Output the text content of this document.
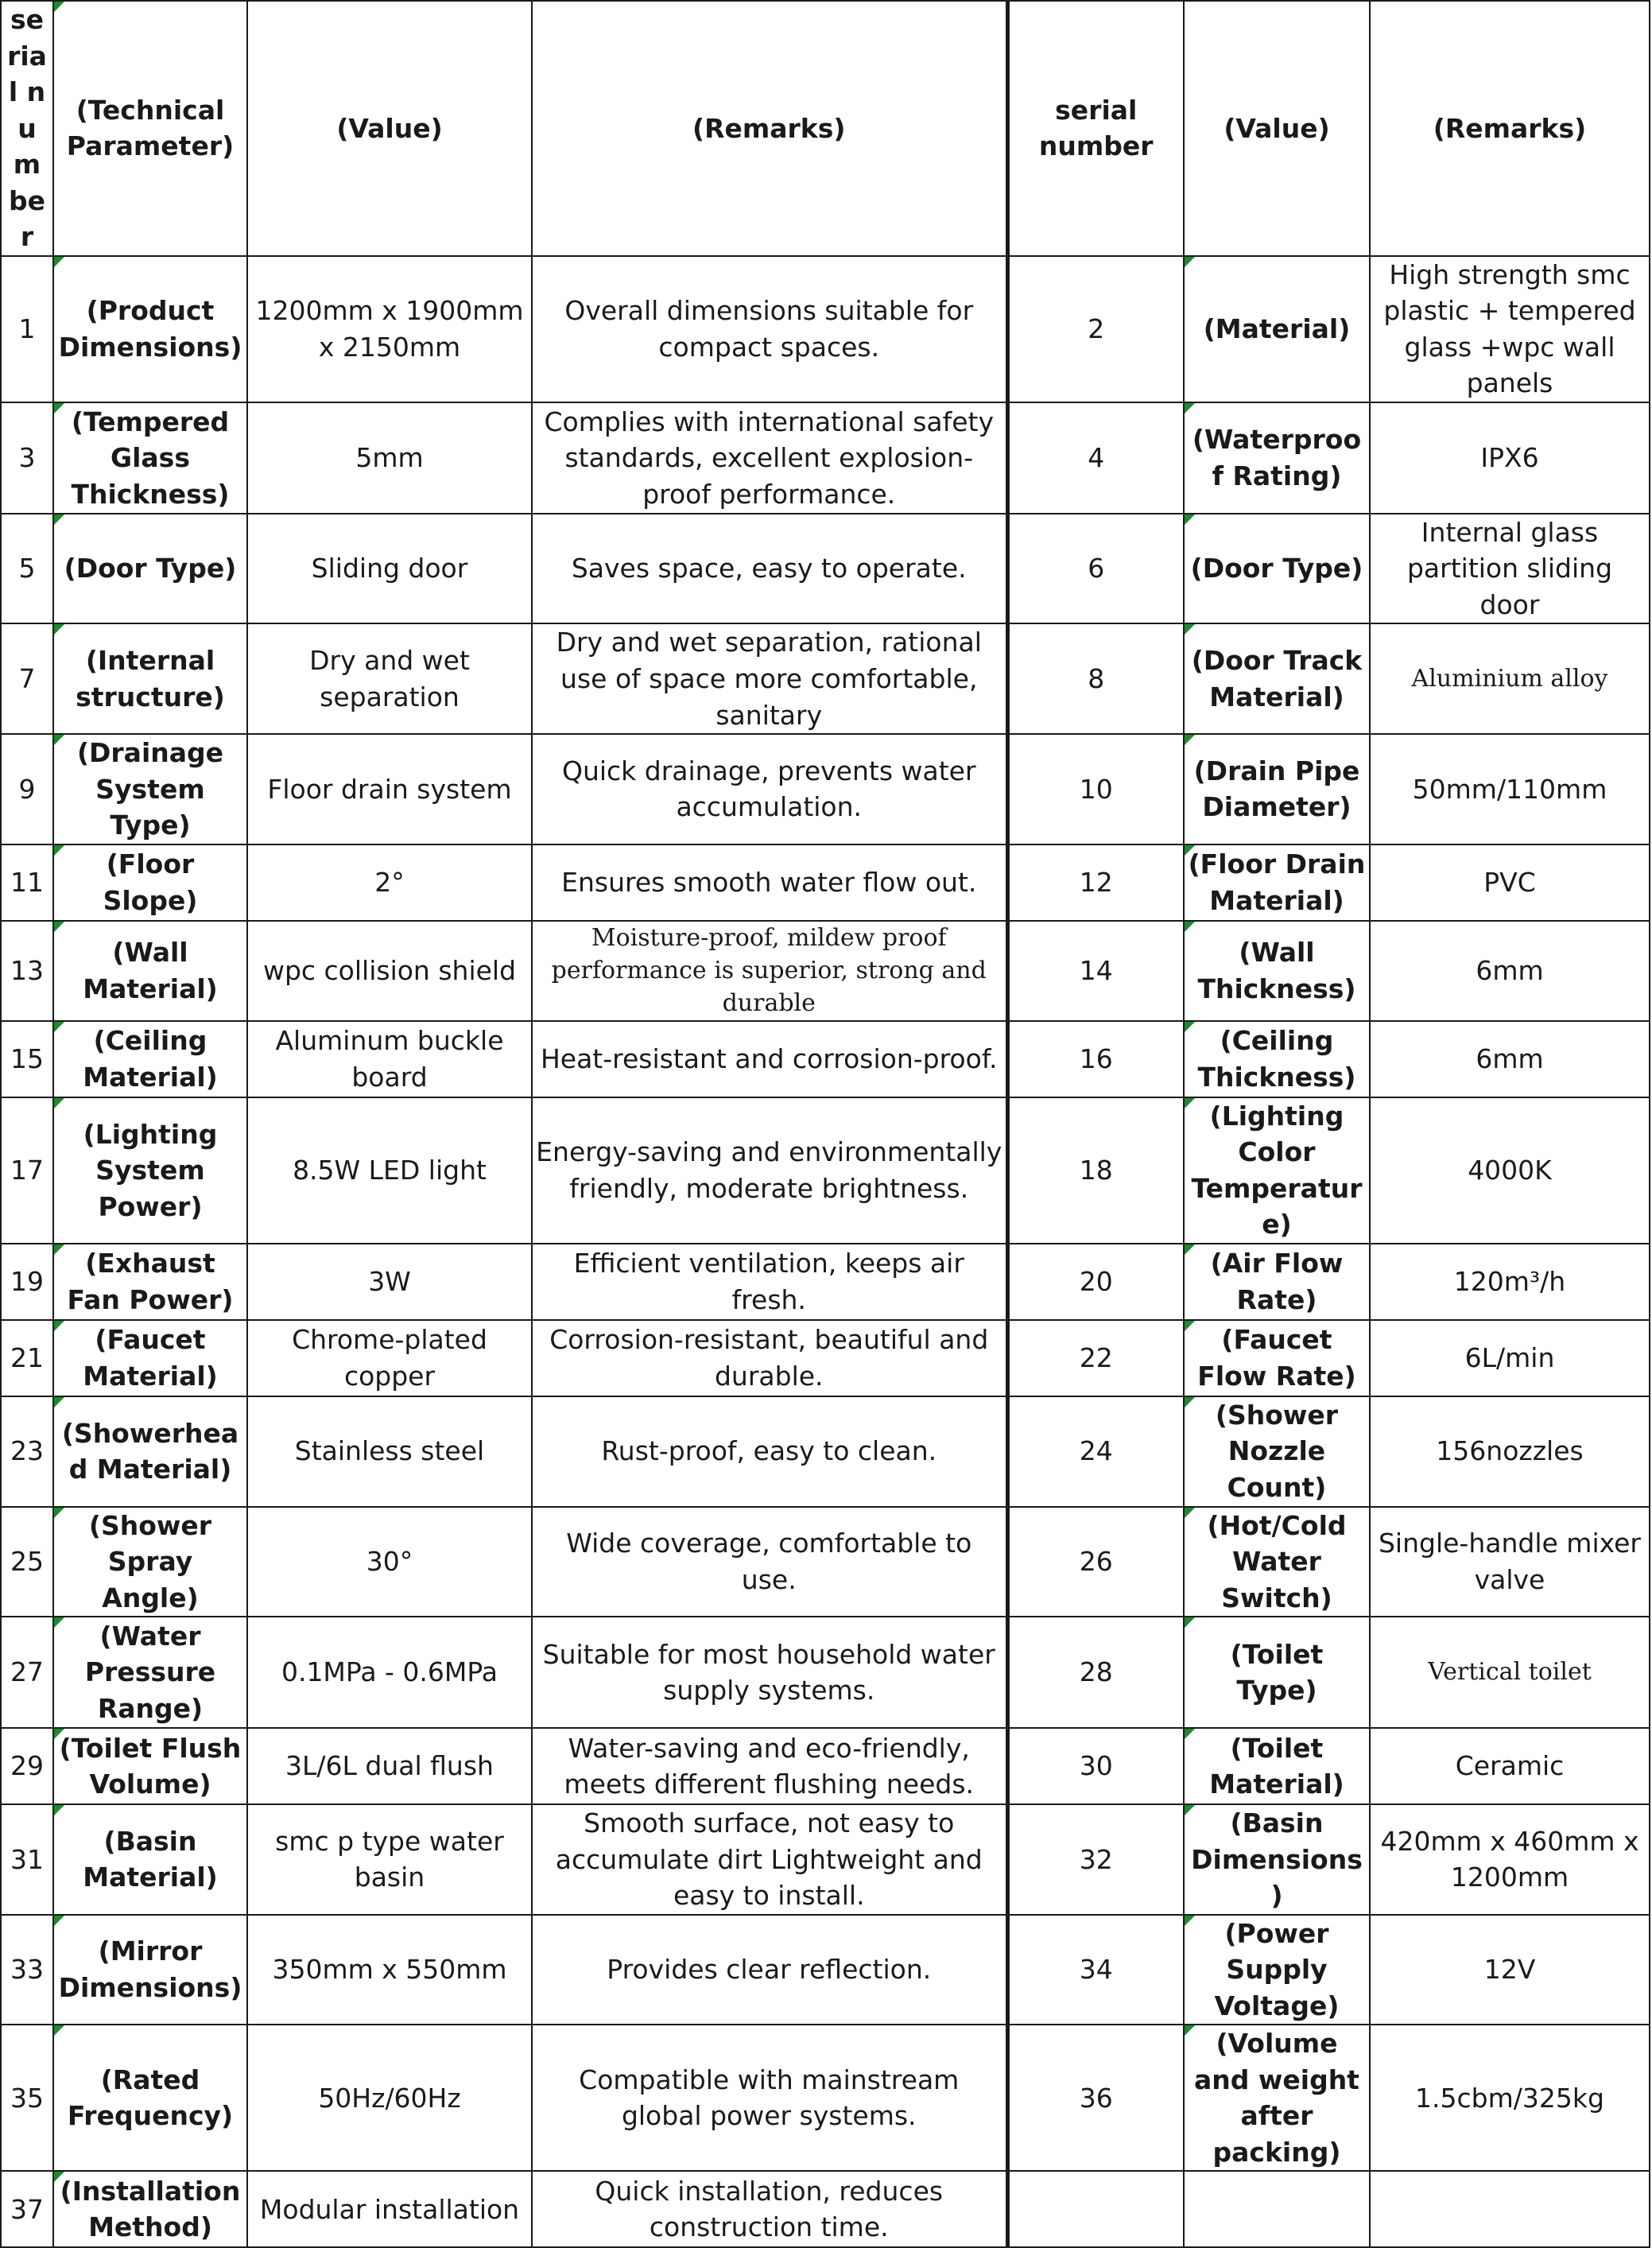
serial number	(Technical Parameter)	(Value)	(Remarks)	serial number	(Value)	(Remarks)
1	(Product Dimensions)	1200mm x 1900mm x 2150mm	Overall dimensions suitable for compact spaces.	2	(Material)	High strength smc plastic + tempered glass +wpc wall panels
3	(Tempered Glass Thickness)	5mm	Complies with international safety standards, excellent explosion-proof performance.	4	(Waterproof Rating)	IPX6
5	(Door Type)	Sliding door	Saves space, easy to operate.	6	(Door Type)	Internal glass partition sliding door
7	(Internal structure)	Dry and wet separation	Dry and wet separation, rational use of space more comfortable, sanitary	8	(Door Track Material)	Aluminium alloy
9	(Drainage System Type)	Floor drain system	Quick drainage, prevents water accumulation.	10	(Drain Pipe Diameter)	50mm/110mm
11	(Floor Slope)	2°	Ensures smooth water flow out.	12	(Floor Drain Material)	PVC
13	(Wall Material)	wpc collision shield	Moisture-proof, mildew proof performance is superior, strong and durable	14	(Wall Thickness)	6mm
15	(Ceiling Material)	Aluminum buckle board	Heat-resistant and corrosion-proof.	16	(Ceiling Thickness)	6mm
17	(Lighting System Power)	8.5W LED light	Energy-saving and environmentally friendly, moderate brightness.	18	(Lighting Color Temperature)	4000K
19	(Exhaust Fan Power)	3W	Efficient ventilation, keeps air fresh.	20	(Air Flow Rate)	120m³/h
21	(Faucet Material)	Chrome-plated copper	Corrosion-resistant, beautiful and durable.	22	(Faucet Flow Rate)	6L/min
23	(Showerhead Material)	Stainless steel	Rust-proof, easy to clean.	24	(Shower Nozzle Count)	156nozzles
25	(Shower Spray Angle)	30°	Wide coverage, comfortable to use.	26	(Hot/Cold Water Switch)	Single-handle mixer valve
27	(Water Pressure Range)	0.1MPa - 0.6MPa	Suitable for most household water supply systems.	28	(Toilet Type)	Vertical toilet
29	(Toilet Flush Volume)	3L/6L dual flush	Water-saving and eco-friendly, meets different flushing needs.	30	(Toilet Material)	Ceramic
31	(Basin Material)	smc p type water basin	Smooth surface, not easy to accumulate dirt Lightweight and easy to install.	32	(Basin Dimensions)	420mm x 460mm x 1200mm
33	(Mirror Dimensions)	350mm x 550mm	Provides clear reflection.	34	(Power Supply Voltage)	12V
35	(Rated Frequency)	50Hz/60Hz	Compatible with mainstream global power systems.	36	(Volume and weight after packing)	1.5cbm/325kg
37	(Installation Method)	Modular installation	Quick installation, reduces construction time.			
